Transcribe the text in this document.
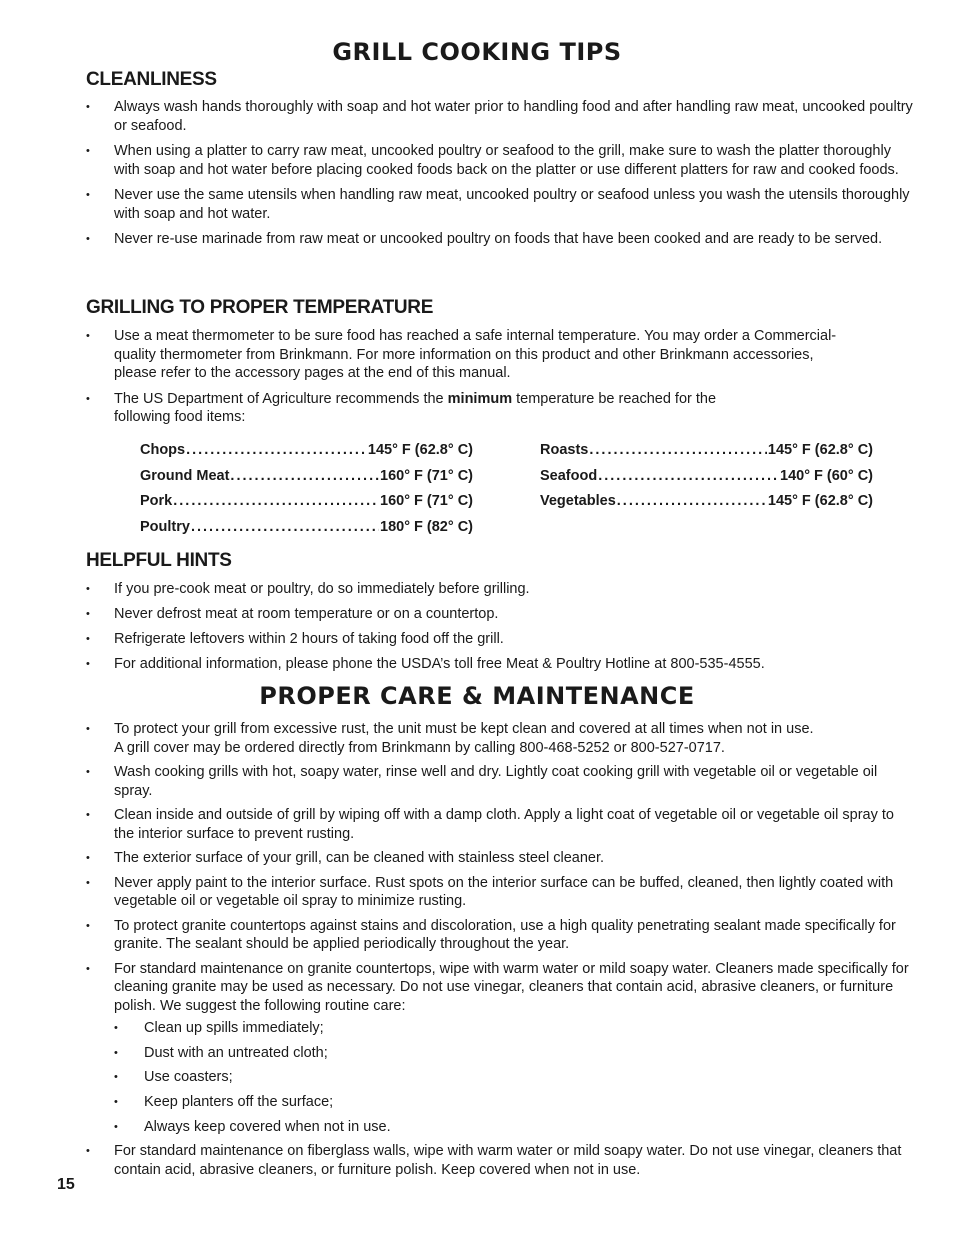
GRILL COOKING TIPS
CLEANLINESS
• Always wash hands thoroughly with soap and hot water prior to handling food and after handling raw meat, uncooked poultry or seafood.
• When using a platter to carry raw meat, uncooked poultry or seafood to the grill, make sure to wash the platter thoroughly with soap and hot water before placing cooked foods back on the platter or use different platters for raw and cooked foods.
• Never use the same utensils when handling raw meat, uncooked poultry or seafood unless you wash the utensils thoroughly with soap and hot water.
• Never re-use marinade from raw meat or uncooked poultry on foods that have been cooked and are ready to be served.
GRILLING TO PROPER TEMPERATURE
• Use a meat thermometer to be sure food has reached a safe internal temperature. You may order a Commercial-quality thermometer from Brinkmann. For more information on this product and other Brinkmann accessories, please refer to the accessory pages at the end of this manual.
• The US Department of Agriculture recommends the minimum temperature be reached for the following food items:
Chops .....	145° F (62.8° C)
Ground Meat .....	160° F (71° C)
Pork .....	160° F (71° C)
Poultry .....	180° F (82° C)
Roasts .....	145° F (62.8° C)
Seafood .....	140° F (60° C)
Vegetables .....	145° F (62.8° C)
HELPFUL HINTS
• If you pre-cook meat or poultry, do so immediately before grilling.
• Never defrost meat at room temperature or on a countertop.
• Refrigerate leftovers within 2 hours of taking food off the grill.
• For additional information, please phone the USDA’s toll free Meat & Poultry Hotline at 800-535-4555.
PROPER CARE & MAINTENANCE
• To protect your grill from excessive rust, the unit must be kept clean and covered at all times when not in use. A grill cover may be ordered directly from Brinkmann by calling 800-468-5252 or 800-527-0717.
• Wash cooking grills with hot, soapy water, rinse well and dry. Lightly coat cooking grill with vegetable oil or vegetable oil spray.
• Clean inside and outside of grill by wiping off with a damp cloth. Apply a light coat of vegetable oil or vegetable oil spray to the interior surface to prevent rusting.
• The exterior surface of your grill, can be cleaned with stainless steel cleaner.
• Never apply paint to the interior surface. Rust spots on the interior surface can be buffed, cleaned, then lightly coated with vegetable oil or vegetable oil spray to minimize rusting.
• To protect granite countertops against stains and discoloration, use a high quality penetrating sealant made specifically for granite. The sealant should be applied periodically throughout the year.
• For standard maintenance on granite countertops, wipe with warm water or mild soapy water. Cleaners made specifically for cleaning granite may be used as necessary. Do not use vinegar, cleaners that contain acid, abrasive cleaners, or furniture polish. We suggest the following routine care:
• Clean up spills immediately;
• Dust with an untreated cloth;
• Use coasters;
• Keep planters off the surface;
• Always keep covered when not in use.
• For standard maintenance on fiberglass walls, wipe with warm water or mild soapy water. Do not use vinegar, cleaners that contain acid, abrasive cleaners, or furniture polish. Keep covered when not in use.

15
